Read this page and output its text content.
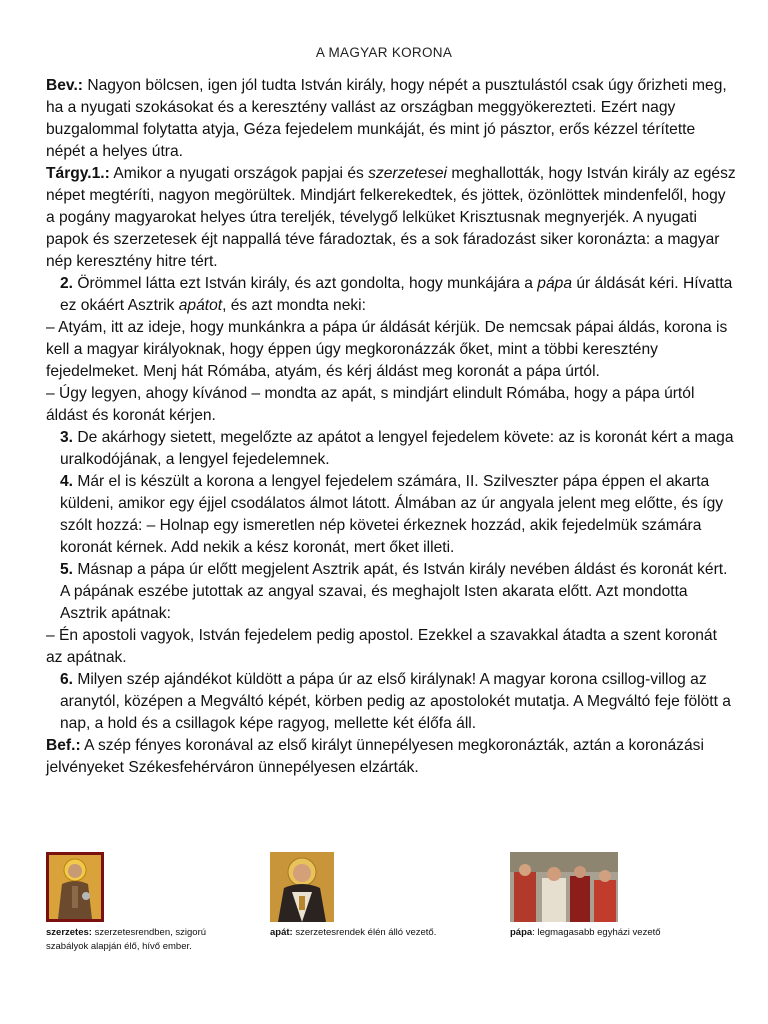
A MAGYAR KORONA

Bev.: Nagyon bölcsen, igen jól tudta István király, hogy népét a pusztulástól csak úgy őrizheti meg, ha a nyugati szokásokat és a keresztény vallást az országban meggyökerezteti. Ezért nagy buzgalommal folytatta atyja, Géza fejedelem munkáját, és mint jó pásztor, erős kézzel térítette népét a helyes útra.

Tárgy.1.: Amikor a nyugati országok papjai és szerzetesei meghallották, hogy István király az egész népet megtéríti, nagyon megörültek. Mindjárt felkerekedtek, és jöttek, özönlöttek mindenfelől, hogy a pogány magyarokat helyes útra tereljék, tévelygő lelküket Krisztusnak megnyerjék. A nyugati papok és szerzetesek éjt nappallá téve fáradoztak, és a sok fáradozást siker koronázta: a magyar nép keresztény hitre tért.

2. Örömmel látta ezt István király, és azt gondolta, hogy munkájára a pápa úr áldását kéri. Hívatta ez okáért Asztrik apátot, és azt mondta neki:

– Atyám, itt az ideje, hogy munkánkra a pápa úr áldását kérjük. De nemcsak pápai áldás, korona is kell a magyar királyoknak, hogy éppen úgy megkoronázzák őket, mint a többi keresztény fejedelmeket. Menj hát Rómába, atyám, és kérj áldást meg koronát a pápa úrtól.

– Úgy legyen, ahogy kívánod – mondta az apát, s mindjárt elindult Rómába, hogy a pápa úrtól áldást és koronát kérjen.

3. De akárhogy sietett, megelőzte az apátot a lengyel fejedelem követe: az is koronát kért a maga uralkodójának, a lengyel fejedelemnek.

4. Már el is készült a korona a lengyel fejedelem számára, II. Szilveszter pápa éppen el akarta küldeni, amikor egy éjjel csodálatos álmot látott. Álmában az úr angyala jelent meg előtte, és így szólt hozzá: – Holnap egy ismeretlen nép követei érkeznek hozzád, akik fejedelmük számára koronát kérnek. Add nekik a kész koronát, mert őket illeti.

5. Másnap a pápa úr előtt megjelent Asztrik apát, és István király nevében áldást és koronát kért. A pápának eszébe jutottak az angyal szavai, és meghajolt Isten akarata előtt. Azt mondotta Asztrik apátnak:

– Én apostoli vagyok, István fejedelem pedig apostol. Ezekkel a szavakkal átadta a szent koronát az apátnak.

6. Milyen szép ajándékot küldött a pápa úr az első királynak! A magyar korona csillog-villog az aranytól, középen a Megváltó képét, körben pedig az apostolokét mutatja. A Megváltó feje fölött a nap, a hold és a csillagok képe ragyog, mellette két élőfa áll.

Bef.: A szép fényes koronával az első királyt ünnepélyesen megkoronázták, aztán a koronázási jelvényeket Székesfehérváron ünnepélyesen elzárták.

szerzetes: szerzetesrendben, szigorú szabályok alapján élő, hívő ember.
apát: szerzetesrendek élén álló vezető.	pápa: legmagasabb egyházi vezető
